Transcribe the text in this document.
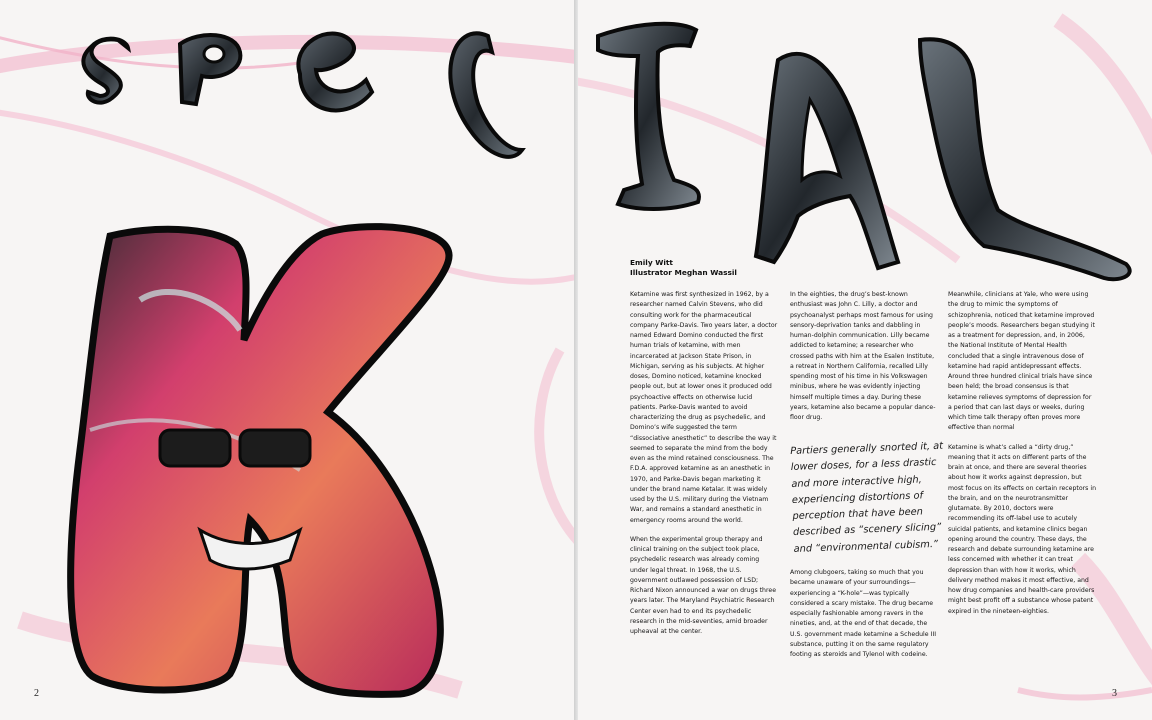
2
Emily Witt
Illustrator Meghan Wassil

Ketamine was first synthesized in 1962, by a researcher named Calvin Stevens, who did consulting work for the pharmaceutical company Parke-Davis. Two years later, a doctor named Edward Domino conducted the first human trials of ketamine, with men incarcerated at Jackson State Prison, in Michigan, serving as his subjects. At higher doses, Domino noticed, ketamine knocked people out, but at lower ones it produced odd psychoactive effects on otherwise lucid patients. Parke-Davis wanted to avoid characterizing the drug as psychedelic, and Domino’s wife suggested the term “dissociative anesthetic” to describe the way it seemed to separate the mind from the body even as the mind retained consciousness. The F.D.A. approved ketamine as an anesthetic in 1970, and Parke-Davis began marketing it under the brand name Ketalar. It was widely used by the U.S. military during the Vietnam War, and remains a standard anesthetic in emergency rooms around the world.

When the experimental group therapy and clinical training on the subject took place, psychedelic research was already coming under legal threat. In 1968, the U.S. government outlawed possession of LSD; Richard Nixon announced a war on drugs three years later. The Maryland Psychiatric Research Center even had to end its psychedelic research in the mid-seventies, amid broader upheaval at the center.

In the eighties, the drug’s best-known enthusiast was John C. Lilly, a doctor and psychoanalyst perhaps most famous for using sensory-deprivation tanks and dabbling in human-dolphin communication. Lilly became addicted to ketamine; a researcher who crossed paths with him at the Esalen Institute, a retreat in Northern California, recalled Lilly spending most of his time in his Volkswagen minibus, where he was evidently injecting himself multiple times a day. During these years, ketamine also became a popular dance-floor drug.

Partiers generally snorted it, at lower doses, for a less drastic and more interactive high, experiencing distortions of perception that have been described as “scenery slicing” and “environmental cubism.”

Among clubgoers, taking so much that you became unaware of your surroundings—experiencing a “K-hole”—was typically considered a scary mistake. The drug became especially fashionable among ravers in the nineties, and, at the end of that decade, the U.S. government made ketamine a Schedule III substance, putting it on the same regulatory footing as steroids and Tylenol with codeine.

Meanwhile, clinicians at Yale, who were using the drug to mimic the symptoms of schizophrenia, noticed that ketamine improved people’s moods. Researchers began studying it as a treatment for depression, and, in 2006, the National Institute of Mental Health concluded that a single intravenous dose of ketamine had rapid antidepressant effects. Around three hundred clinical trials have since been held; the broad consensus is that ketamine relieves symptoms of depression for a period that can last days or weeks, during which time talk therapy often proves more effective than normal

Ketamine is what’s called a “dirty drug,” meaning that it acts on different parts of the brain at once, and there are several theories about how it works against depression, but most focus on its effects on certain receptors in the brain, and on the neurotransmitter glutamate. By 2010, doctors were recommending its off-label use to acutely suicidal patients, and ketamine clinics began opening around the country. These days, the research and debate surrounding ketamine are less concerned with whether it can treat depression than with how it works, which delivery method makes it most effective, and how drug companies and health-care providers might best profit off a substance whose patent expired in the nineteen-eighties.

3
